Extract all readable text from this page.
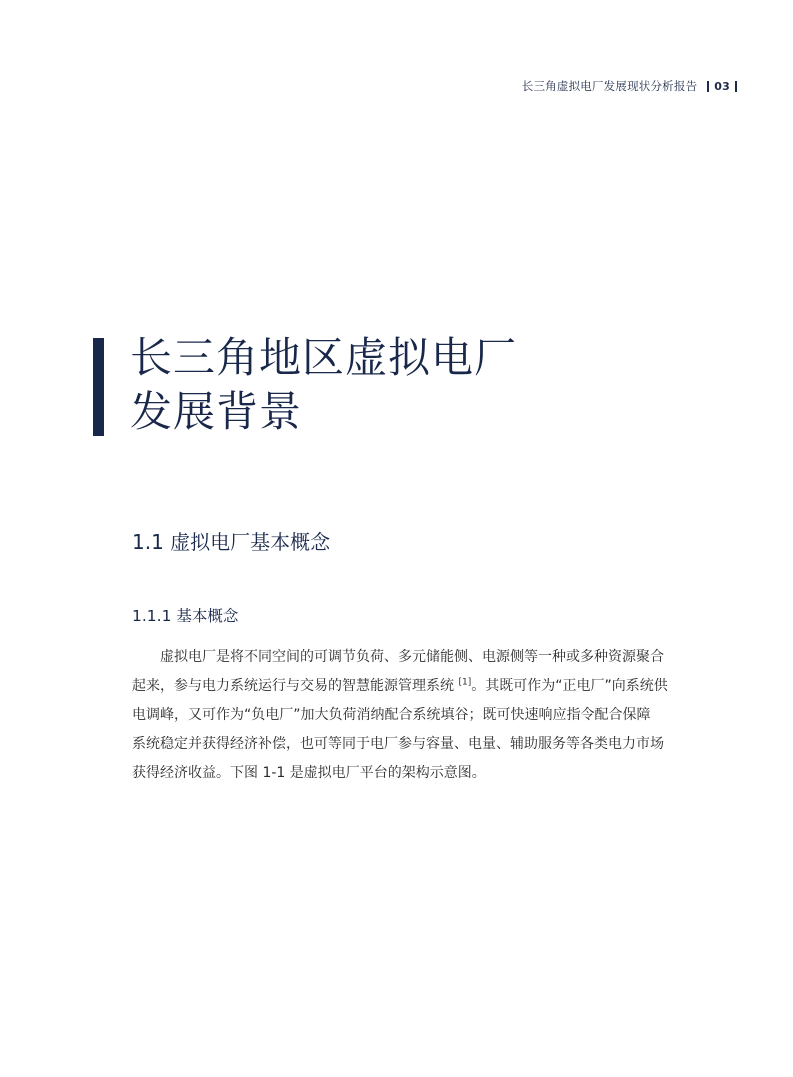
长三角虚拟电厂发展现状分析报告 03
长三角地区虚拟电厂
发展背景
1.1 虚拟电厂基本概念
1.1.1 基本概念

虚拟电厂是将不同空间的可调节负荷、多元储能侧、电源侧等一种或多种资源聚合
起来，参与电力系统运行与交易的智慧能源管理系统 [1]。其既可作为“正电厂”向系统供
电调峰，又可作为“负电厂”加大负荷消纳配合系统填谷；既可快速响应指令配合保障
系统稳定并获得经济补偿，也可等同于电厂参与容量、电量、辅助服务等各类电力市场
获得经济收益。下图 1-1 是虚拟电厂平台的架构示意图。
